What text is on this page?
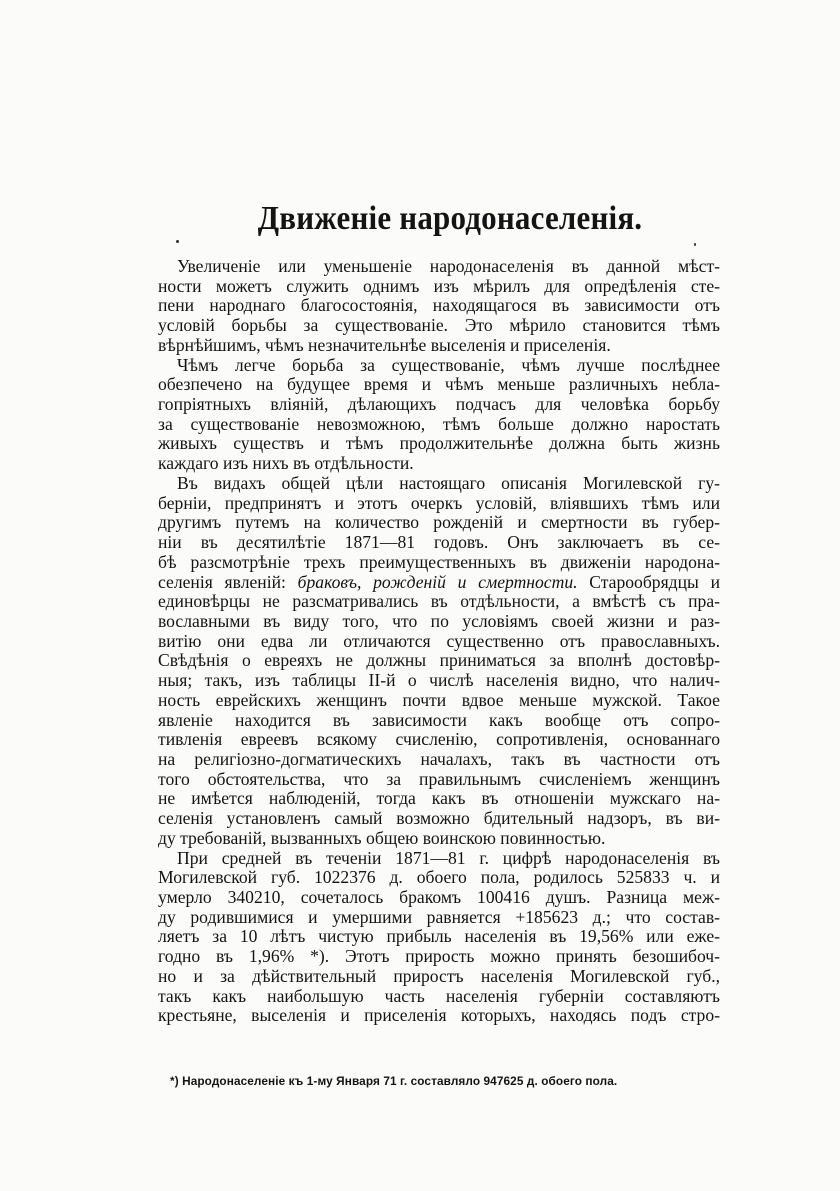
Движенiе народонаселенiя.
Увеличенiе или уменьшенiе народонаселенiя въ данной мѣст-
ности можетъ служить однимъ изъ мѣрилъ для опредѣленiя сте-
пени народнаго благосостоянiя, находящагося въ зависимости отъ
условiй борьбы за существованiе. Это мѣрило становится тѣмъ
вѣрнѣйшимъ, чѣмъ незначительнѣе выселенiя и приселенiя.
Чѣмъ легче борьба за существованiе, чѣмъ лучше послѣднее
обезпечено на будущее время и чѣмъ меньше различныхъ небла-
гопрiятныхъ влiянiй, дѣлающихъ подчасъ для человѣка борьбу
за существованiе невозможною, тѣмъ больше должно наростать
живыхъ существъ и тѣмъ продолжительнѣе должна быть жизнь
каждаго изъ нихъ въ отдѣльности.
Въ видахъ общей цѣли настоящаго описанiя Могилевской гу-
бернiи, предпринятъ и этотъ очеркъ условiй, влiявшихъ тѣмъ или
другимъ путемъ на количество рожденiй и смертности въ губер-
нiи въ десятилѣтiе 1871—81 годовъ. Онъ заключаетъ въ се-
бѣ разсмотрѣнiе трехъ преимущественныхъ въ движенiи народона-
селенiя явленiй: браковъ, рожденiй и смертности. Старообрядцы и
единовѣрцы не разсматривались въ отдѣльности, а вмѣстѣ съ пра-
вославными въ виду того, что по условiямъ своей жизни и раз-
витiю они едва ли отличаются существенно отъ православныхъ.
Свѣдѣнiя о евреяхъ не должны приниматься за вполнѣ достовѣр-
ныя; такъ, изъ таблицы II-й о числѣ населенiя видно, что налич-
ность еврейскихъ женщинъ почти вдвое меньше мужской. Такое
явленiе находится въ зависимости какъ вообще отъ сопро-
тивленiя евреевъ всякому счисленiю, сопротивленiя, основаннаго
на религiозно-догматическихъ началахъ, такъ въ частности отъ
того обстоятельства, что за правильнымъ счисленiемъ женщинъ
не имѣется наблюденiй, тогда какъ въ отношенiи мужскаго на-
селенiя установленъ самый возможно бдительный надзоръ, въ ви-
ду требованiй, вызванныхъ общею воинскою повинностью.
При средней въ теченiи 1871—81 г. цифрѣ народонаселенiя въ
Могилевской губ. 1022376 д. обоего пола, родилось 525833 ч. и
умерло 340210, сочеталось бракомъ 100416 душъ. Разница меж-
ду родившимися и умершими равняется +185623 д.; что состав-
ляетъ за 10 лѣтъ чистую прибыль населенiя въ 19,56% или еже-
годно въ 1,96% *). Этотъ прирость можно принять безошибоч-
но и за дѣйствительный приростъ населенiя Могилевской губ.,
такъ какъ наибольшую часть населенiя губернiи составляютъ
крестьяне, выселенiя и приселенiя которыхъ, находясь подъ стро-
*) Народонаселенiе къ 1-му Января 71 г. составляло 947625 д. обоего пола.
